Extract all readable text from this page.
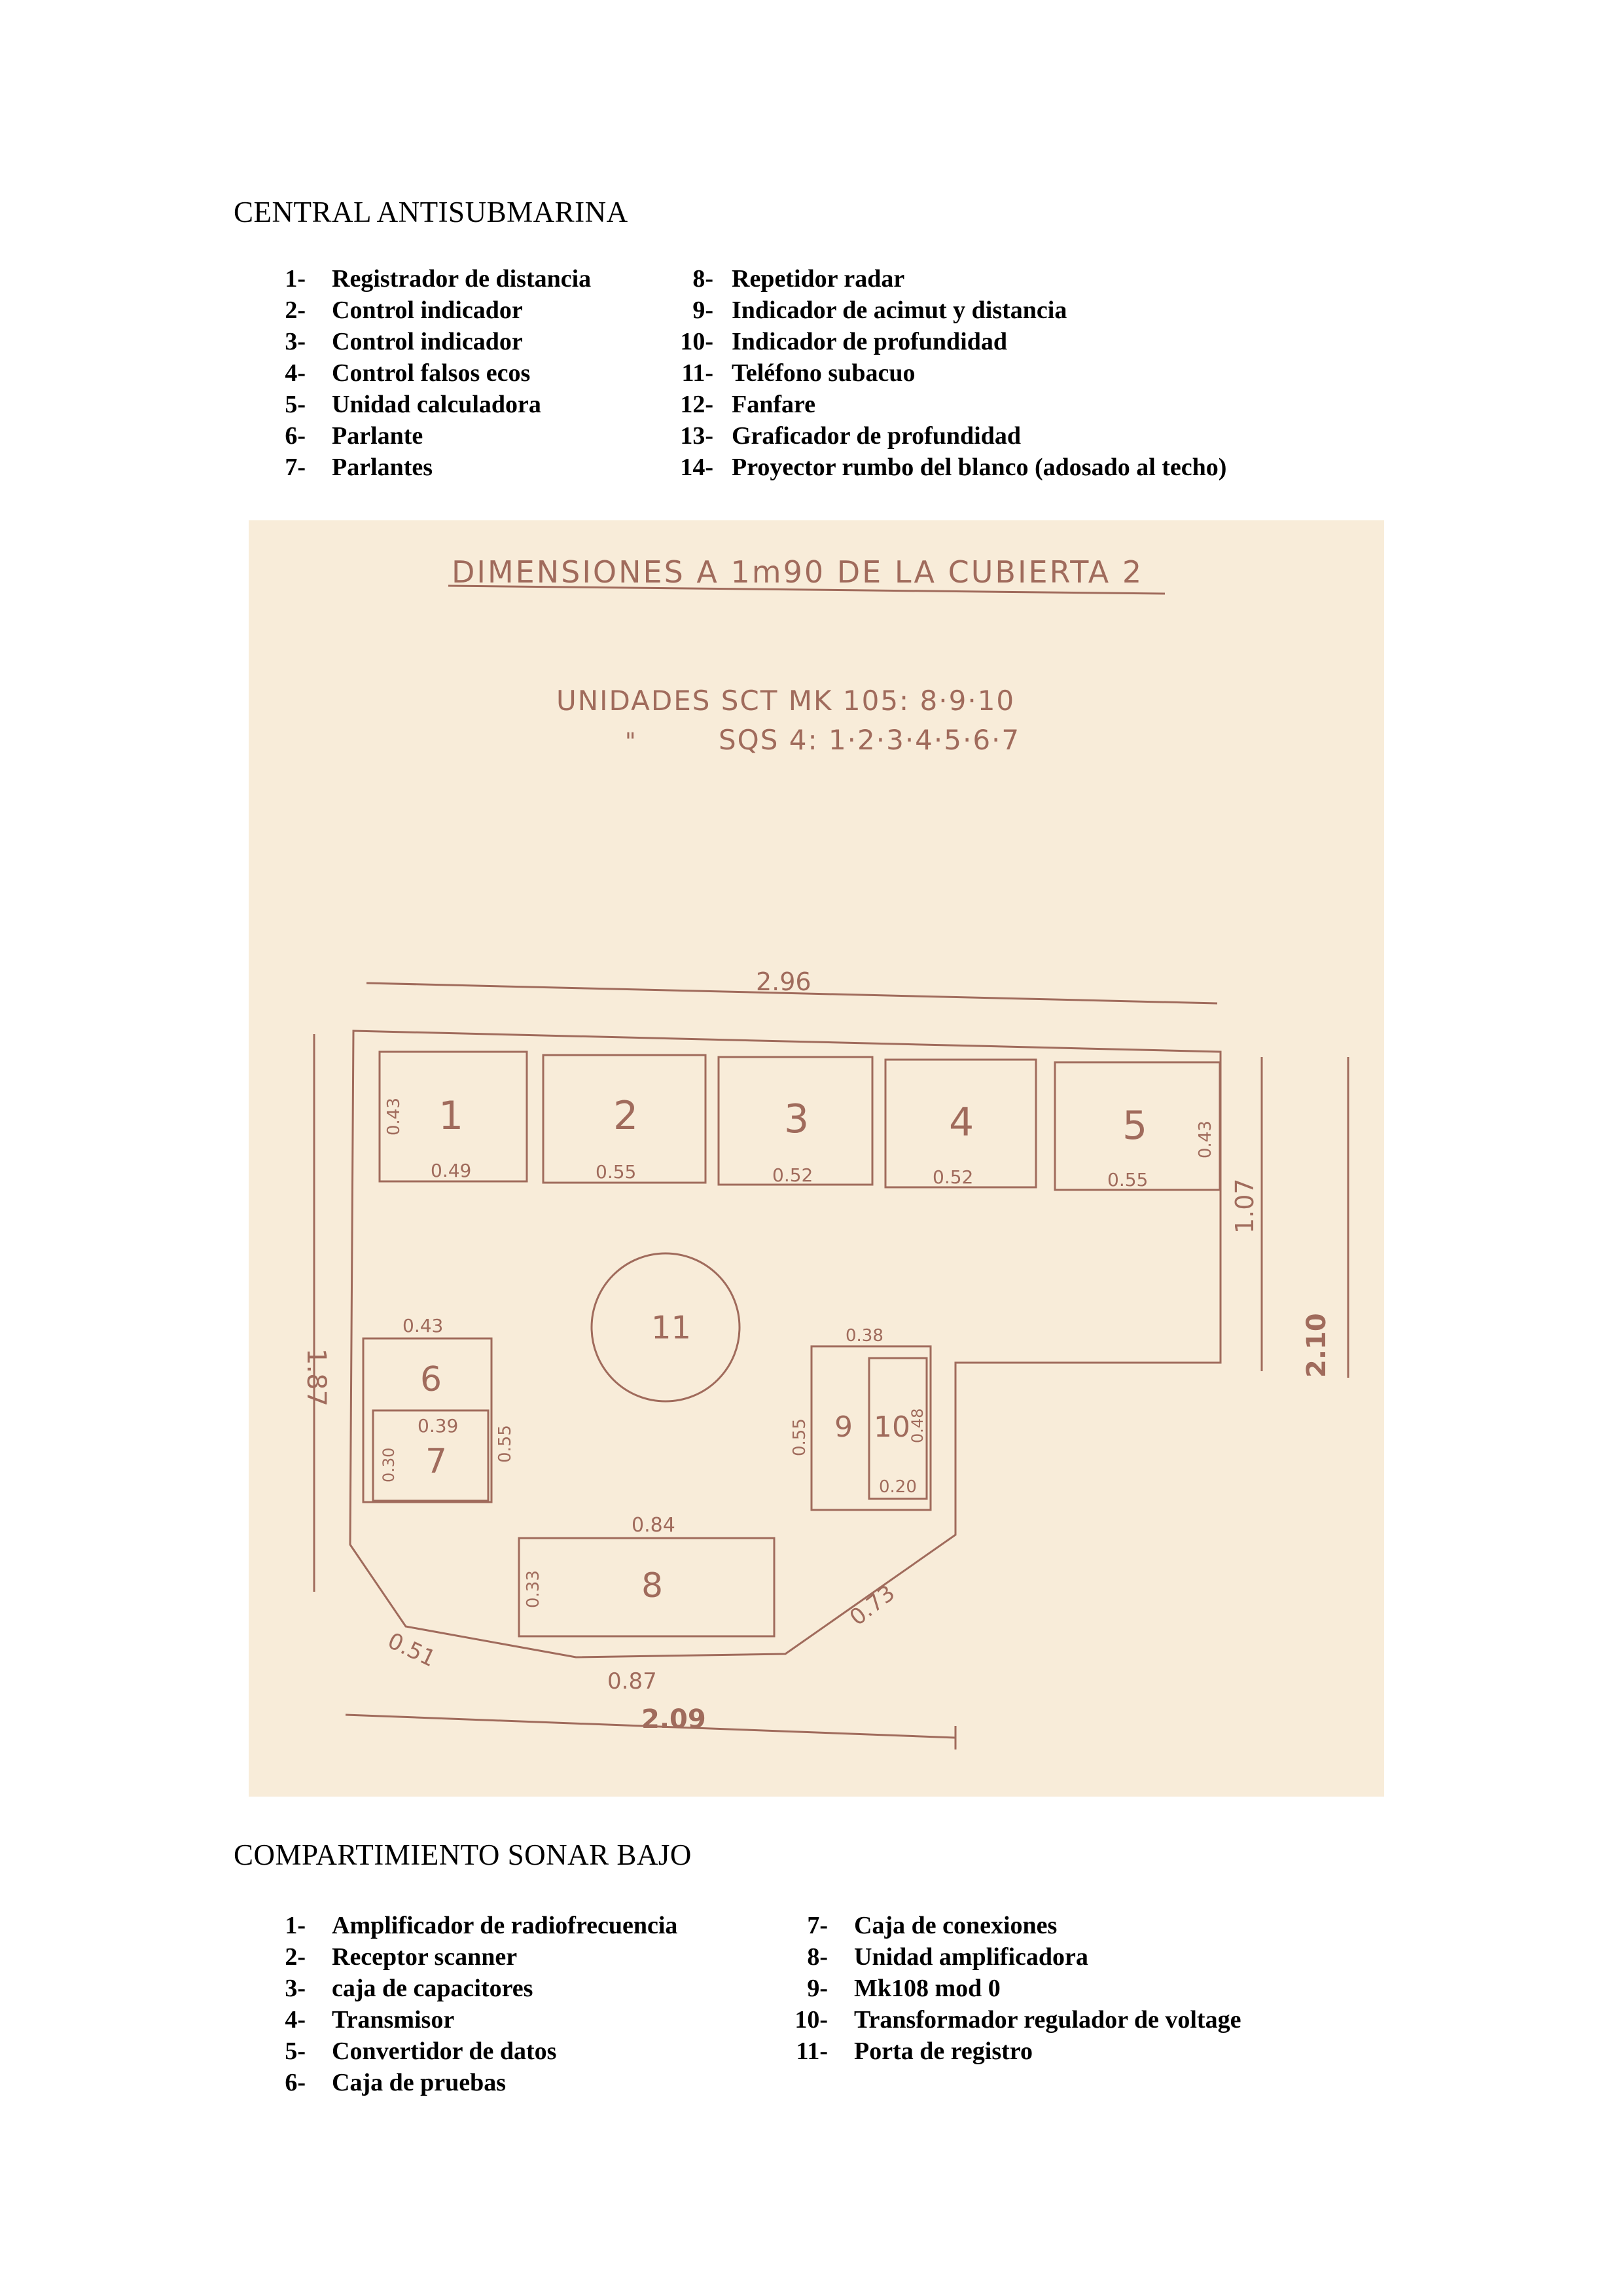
CENTRAL ANTISUBMARINA
1- Registrador de distancia
2- Control indicador
3- Control indicador
4- Control falsos ecos
5- Unidad calculadora
6- Parlante
7- Parlantes
8- Repetidor radar
9- Indicador de acimut y distancia
10- Indicador de profundidad
11- Teléfono subacuo
12- Fanfare
13- Graficador de profundidad
14- Proyector rumbo del blanco (adosado al techo)
DIMENSIONES A 1m90 DE LA CUBIERTA 2
UNIDADES SCT MK 105: 8·9·10
"	SQS 4: 1·2·3·4·5·6·7
2.96
1.87	2.10
1.07
2.09
0.87
0.51
0.73
1
0.49
0.43	2
0.55
3
0.52
4
0.52
5
0.55
0.43
11
0.43
6
0.55
0.39
7
0.30
0.84
8
0.33
0.38
9
0.55 10
0.48
0.20
COMPARTIMIENTO SONAR BAJO
1- Amplificador de radiofrecuencia
2- Receptor scanner
3- caja de capacitores
4- Transmisor
5- Convertidor de datos
6- Caja de pruebas
7- Caja de conexiones
8- Unidad amplificadora
9- Mk108 mod 0
10- Transformador regulador de voltage
11- Porta de registro
